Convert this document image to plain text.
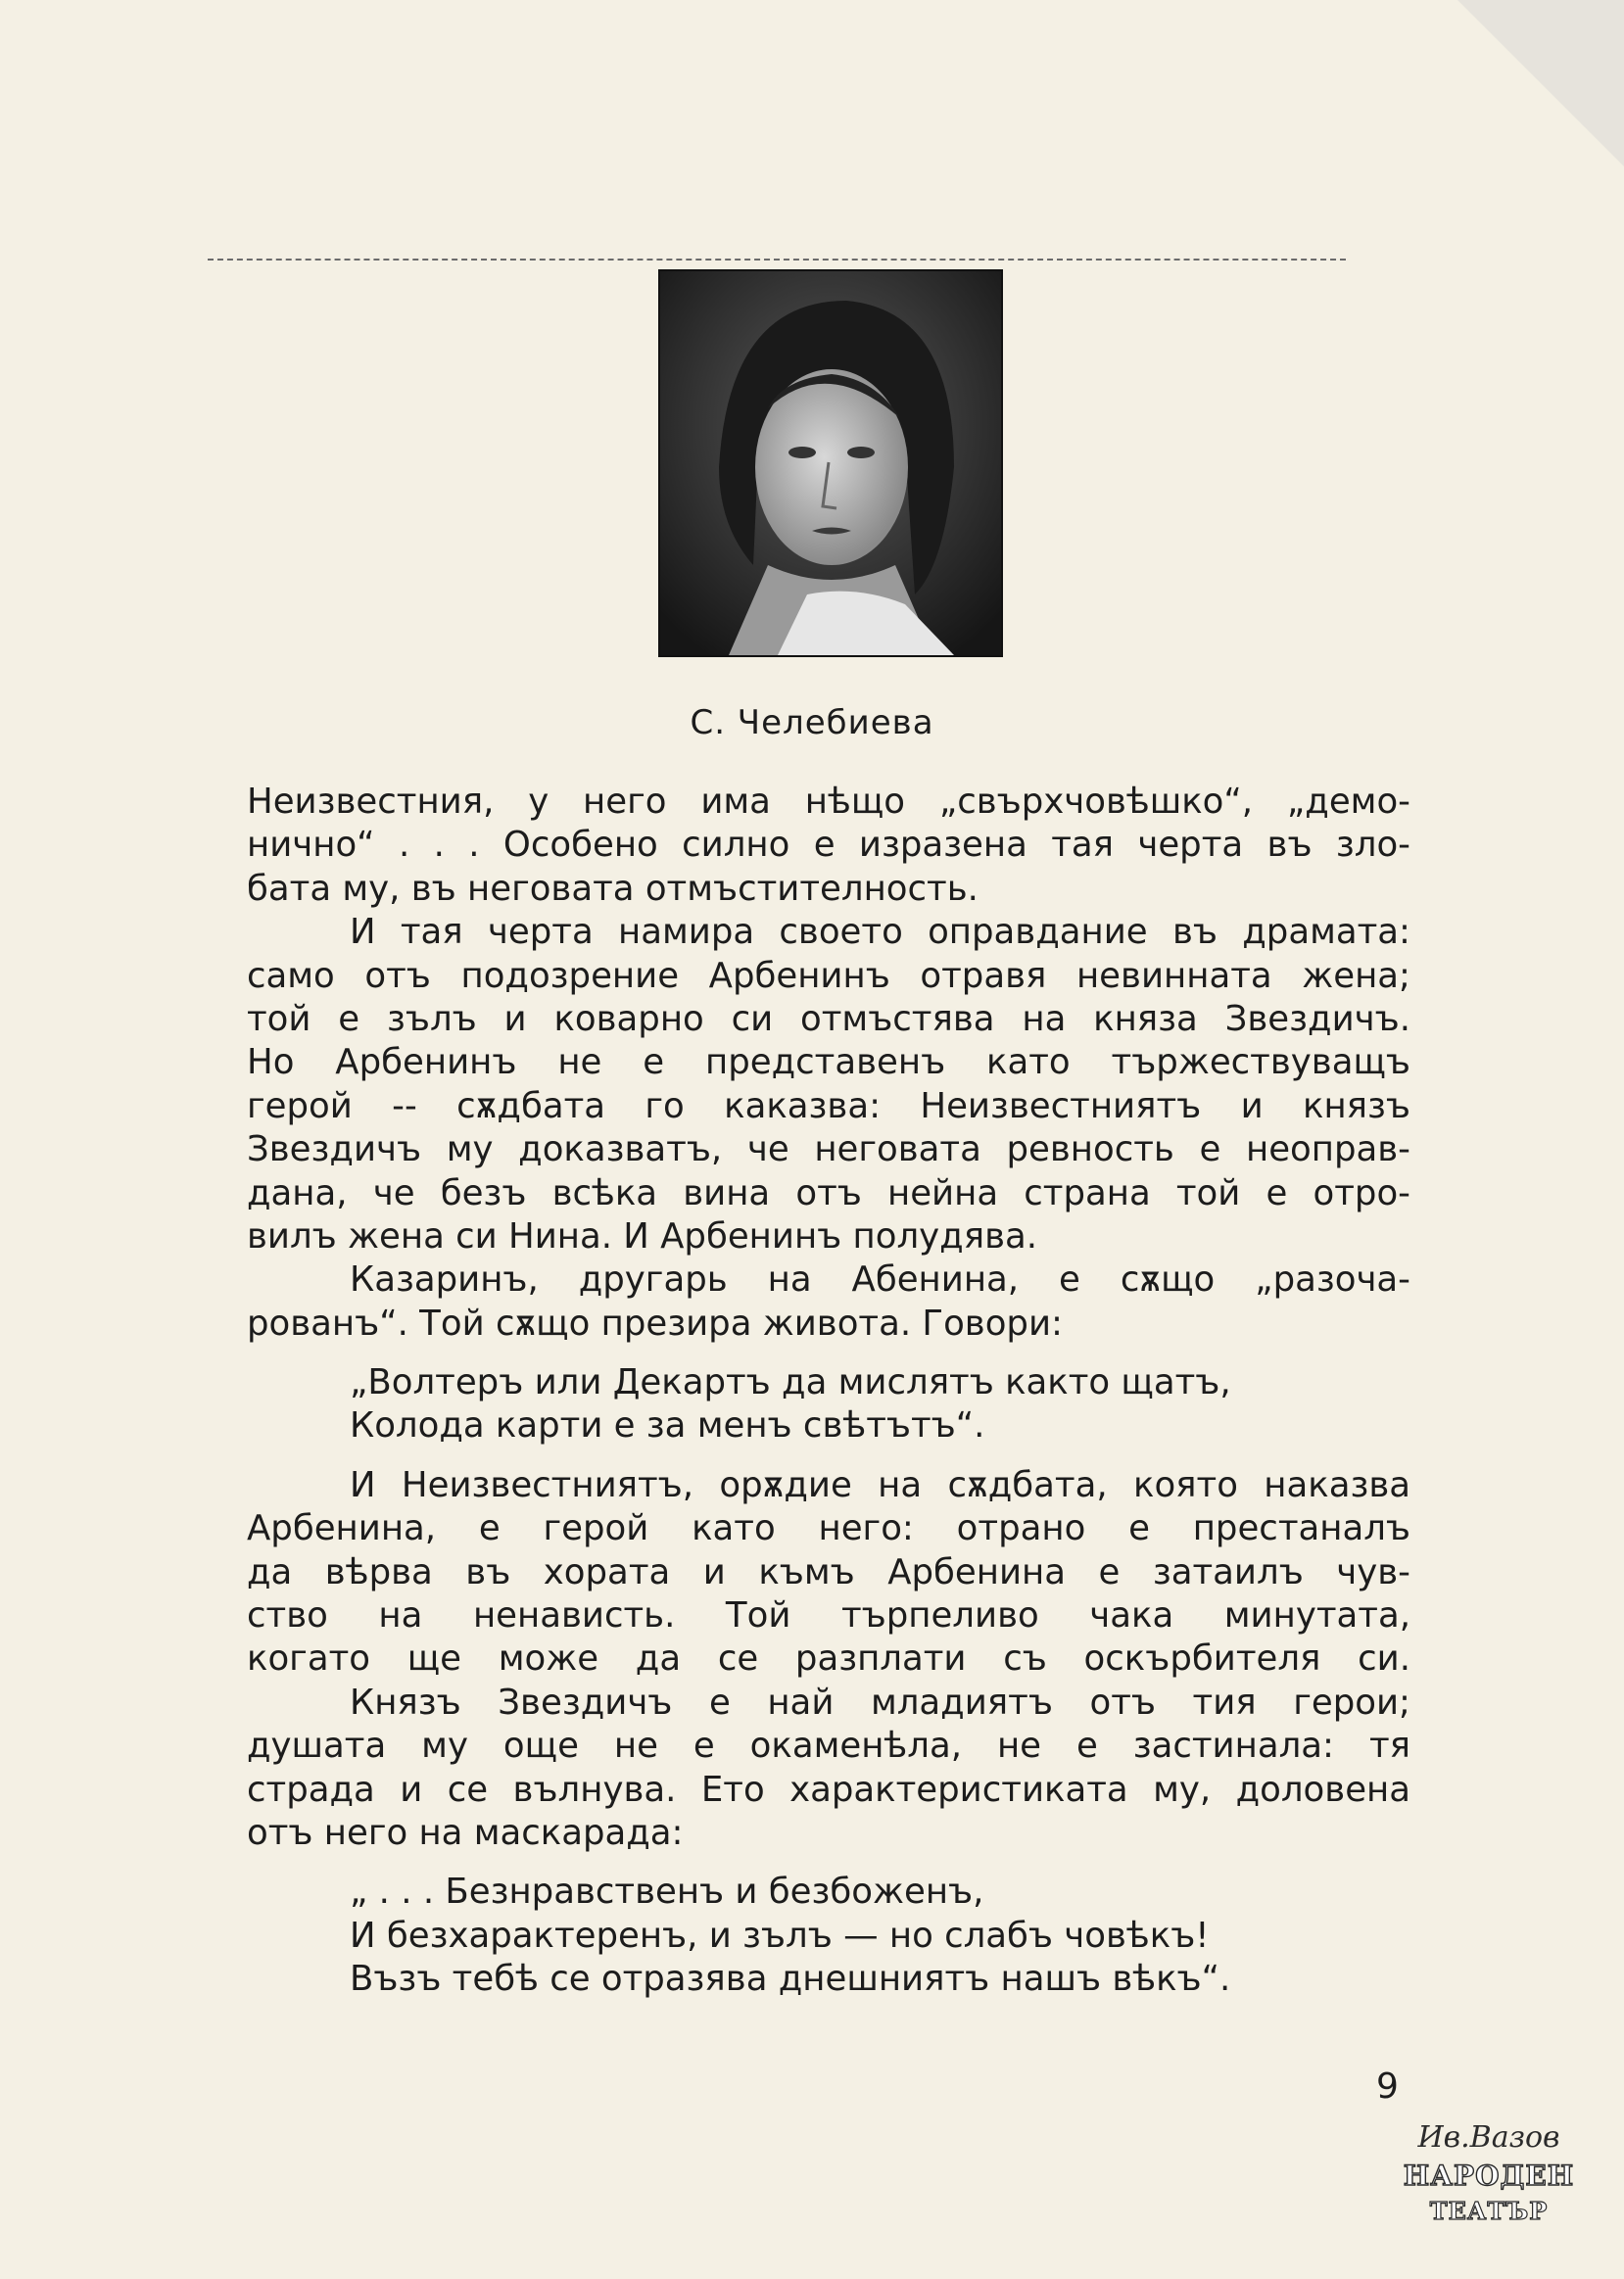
С. Челебиева
Неизвестния, у него има нѣщо „свърхчовѣшко“, „демо-
нично“ . . . Особено силно е изразена тая черта въ зло-
бата му, въ неговата отмъстителность.
И тая черта намира своето оправдание въ драмата:
само отъ подозрение Арбенинъ отравя невинната жена;
той е зълъ и коварно си отмъстява на княза Звездичъ.
Но Арбенинъ не е представенъ като тържествуващъ
герой -- сѫдбата го каказва: Неизвестниятъ и князъ
Звездичъ му доказватъ, че неговата ревность е неоправ-
дана, че безъ всѣка вина отъ нейна страна той е отро-
вилъ жена си Нина. И Арбенинъ полудява.
Казаринъ, другарь на Абенина, е сѫщо „разоча-
рованъ“. Той сѫщо презира живота. Говори:
„Волтеръ или Декартъ да мислятъ както щатъ,
Колода карти е за менъ свѣтътъ“.
И Неизвестниятъ, орѫдие на сѫдбата, която наказва
Арбенина, е герой като него: отрано е престаналъ
да вѣрва въ хората и къмъ Арбенина е затаилъ чув-
ство на ненависть. Той търпеливо чака минутата,
когато ще може да се разплати съ оскърбителя си.
Князъ Звездичъ е най младиятъ отъ тия герои;
душата му още не е окаменѣла, не е застинала: тя
страда и се вълнува. Ето характеристиката му, доловена
отъ него на маскарада:
„ . . . Безнравственъ и безбоженъ,
И безхарактеренъ, и зълъ — но слабъ човѣкъ!
Възъ тебѣ се отразява днешниятъ нашъ вѣкъ“.
9
Ив.Вазов
НАРОДЕН
ТЕАТЪР
